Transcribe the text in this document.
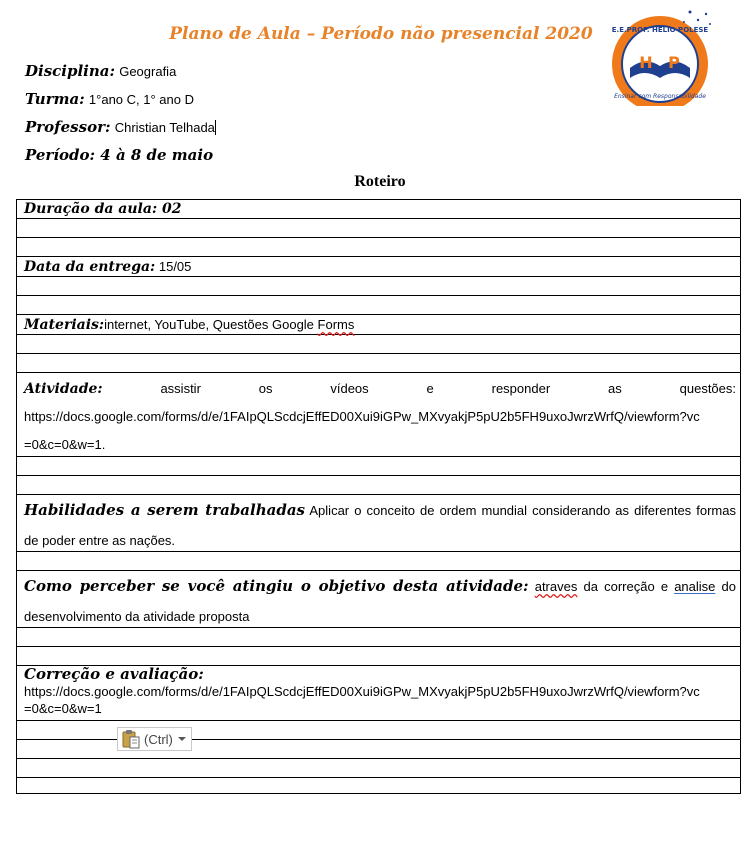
Plano de Aula – Período não presencial 2020
H P
E.E.PROF. HELIO POLESE
Ensinar com Responsabilidade
Disciplina: Geografia
Turma: 1°ano C, 1° ano D
Professor: Christian Telhada
Período: 4 à 8 de maio
Roteiro
Duração da aula: 02
Data da entrega: 15/05
Materiais:internet, YouTube, Questões Google Forms
Atividade:	assistir	os	vídeos	e	responder	as	questões:
https://docs.google.com/forms/d/e/1FAIpQLScdcjEffED00Xui9iGPw_MXvyakjP5pU2b5FH9uxoJwrzWrfQ/viewform?vc
=0&c=0&w=1.
Habilidades a serem trabalhadas Aplicar o conceito de ordem mundial considerando as diferentes formas
de poder entre as nações.
Como perceber se você atingiu o objetivo desta atividade: atraves da correção e analise do
desenvolvimento da atividade proposta
Correção e avaliação:
https://docs.google.com/forms/d/e/1FAIpQLScdcjEffED00Xui9iGPw_MXvyakjP5pU2b5FH9uxoJwrzWrfQ/viewform?vc
=0&c=0&w=1
(Ctrl)
